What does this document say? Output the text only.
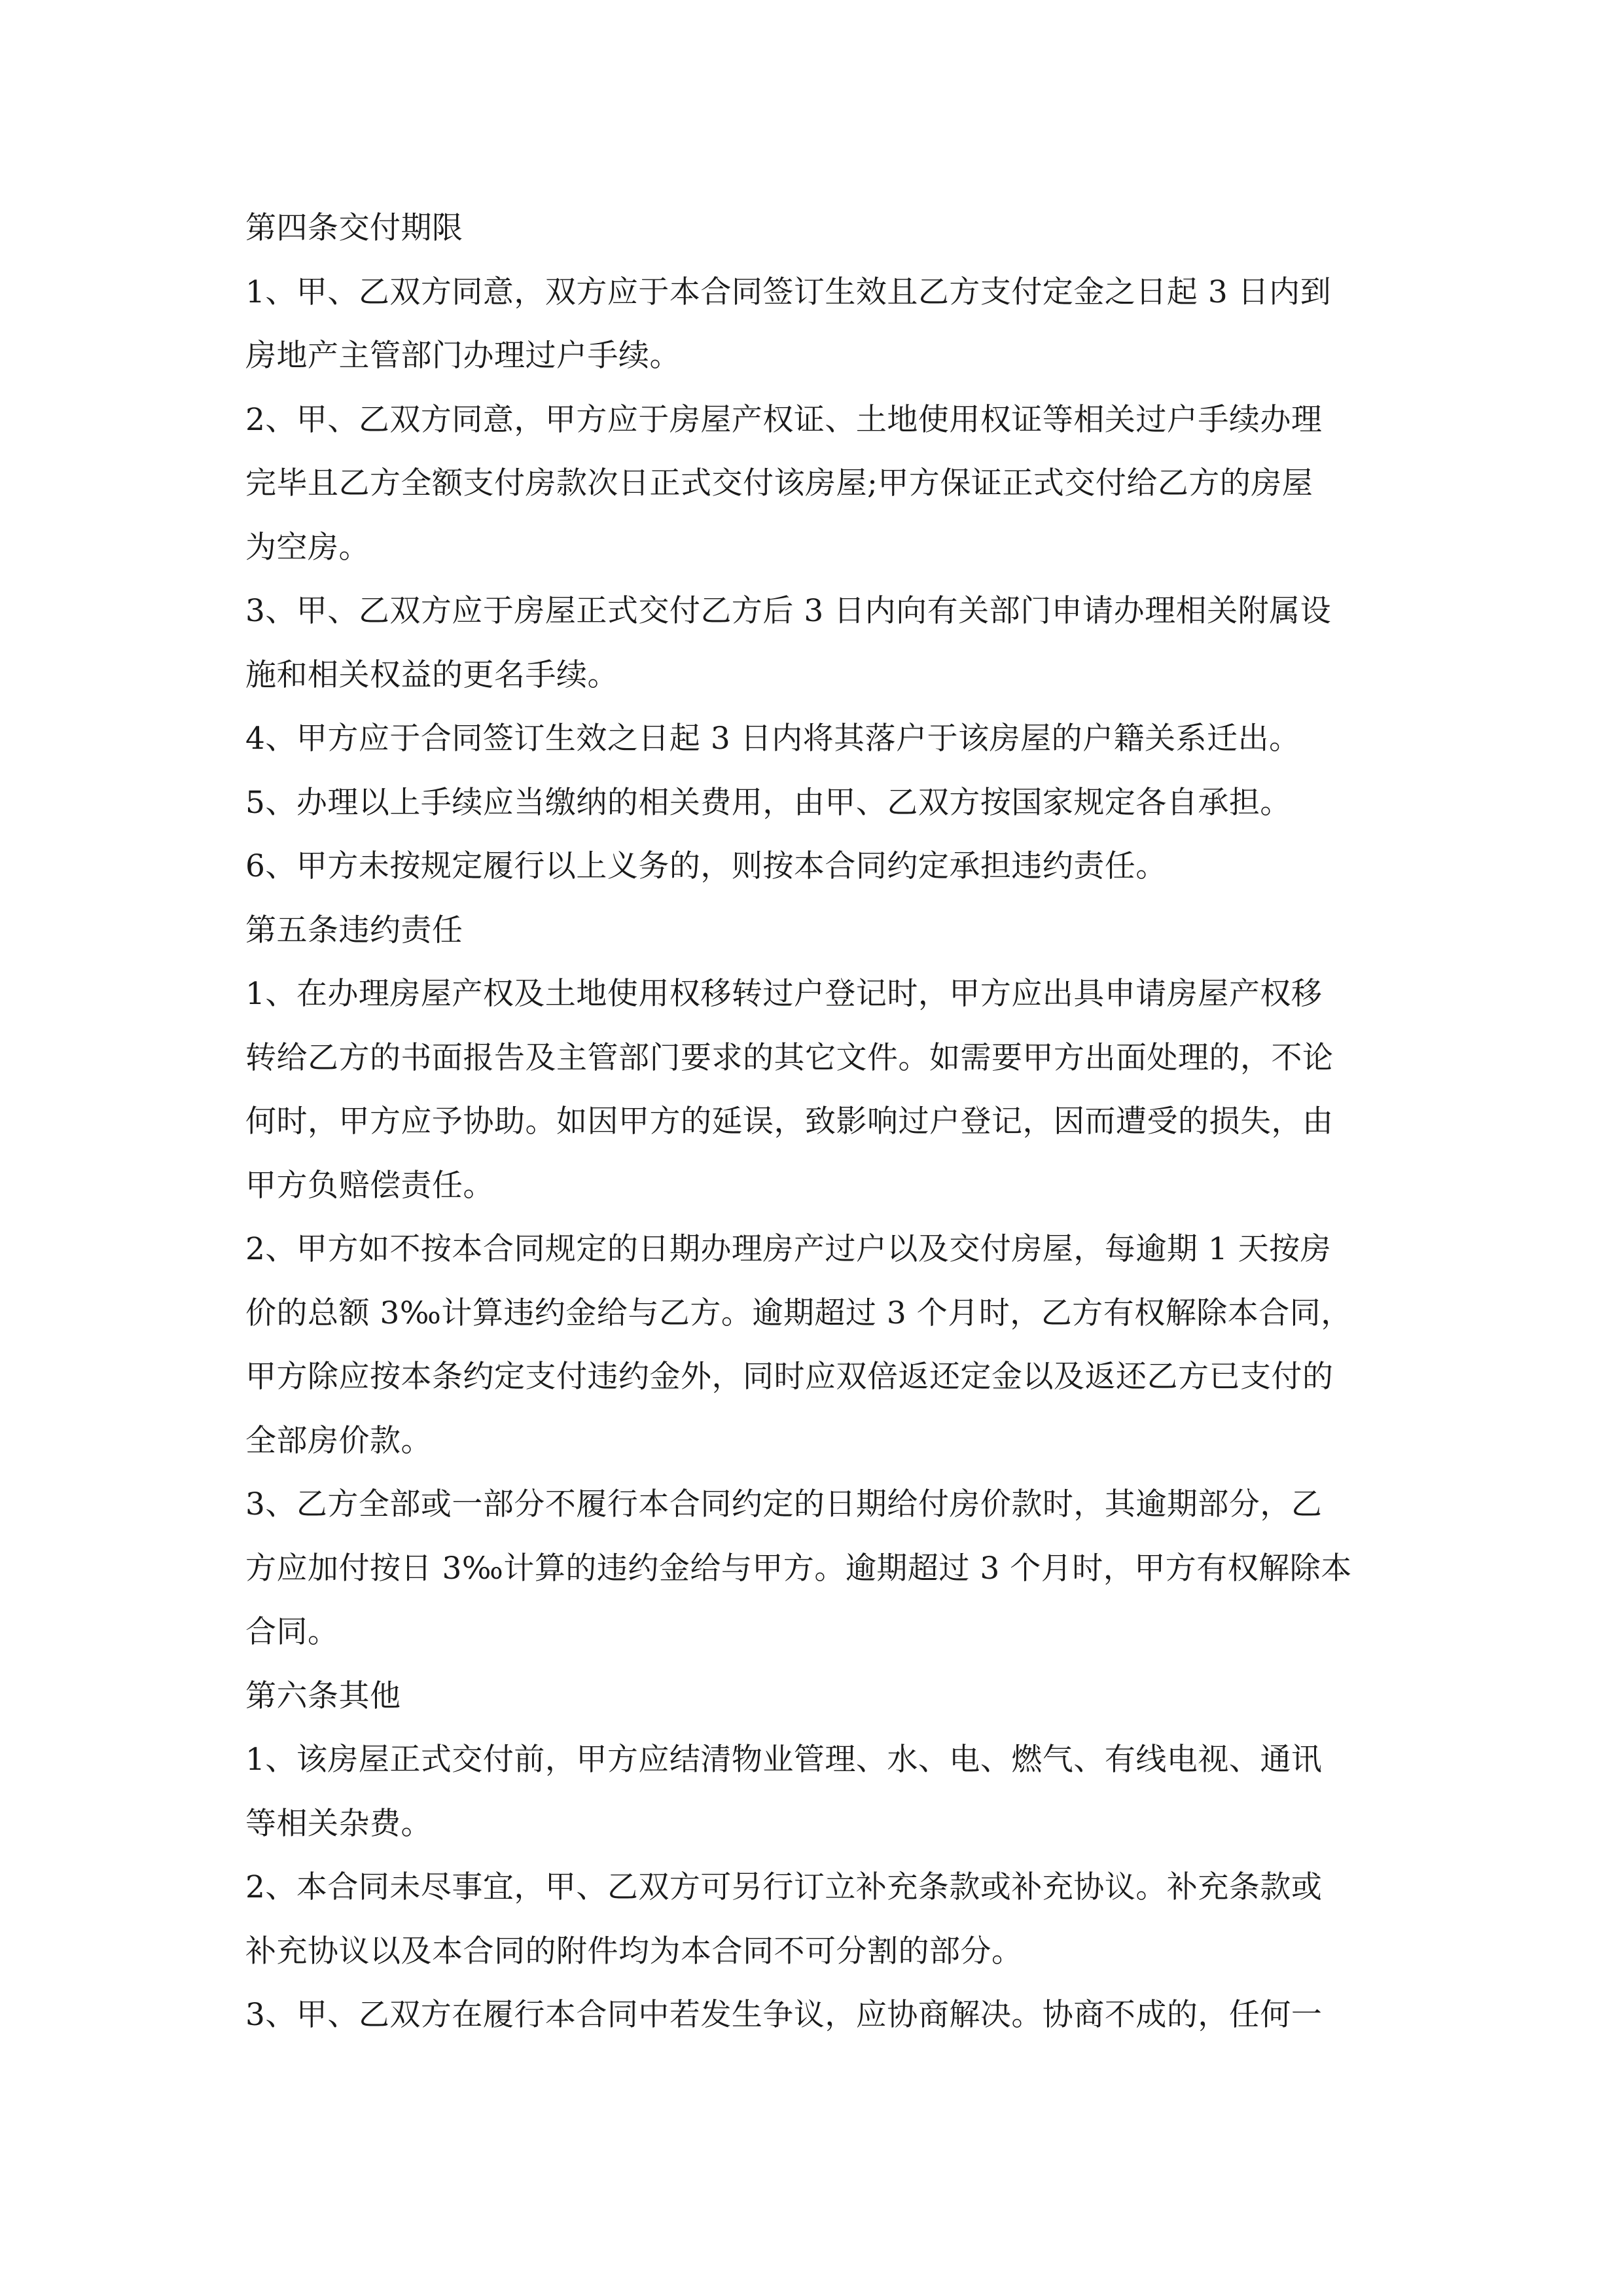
第四条交付期限
1、甲、乙双方同意，双方应于本合同签订生效且乙方支付定金之日起 3 日内到
房地产主管部门办理过户手续。
2、甲、乙双方同意，甲方应于房屋产权证、土地使用权证等相关过户手续办理
完毕且乙方全额支付房款次日正式交付该房屋;甲方保证正式交付给乙方的房屋
为空房。
3、甲、乙双方应于房屋正式交付乙方后 3 日内向有关部门申请办理相关附属设
施和相关权益的更名手续。
4、甲方应于合同签订生效之日起 3 日内将其落户于该房屋的户籍关系迁出。
5、办理以上手续应当缴纳的相关费用，由甲、乙双方按国家规定各自承担。
6、甲方未按规定履行以上义务的，则按本合同约定承担违约责任。
第五条违约责任
1、在办理房屋产权及土地使用权移转过户登记时，甲方应出具申请房屋产权移
转给乙方的书面报告及主管部门要求的其它文件。如需要甲方出面处理的，不论
何时，甲方应予协助。如因甲方的延误，致影响过户登记，因而遭受的损失，由
甲方负赔偿责任。
2、甲方如不按本合同规定的日期办理房产过户以及交付房屋，每逾期 1 天按房
价的总额 3‰计算违约金给与乙方。逾期超过 3 个月时，乙方有权解除本合同，
甲方除应按本条约定支付违约金外，同时应双倍返还定金以及返还乙方已支付的
全部房价款。
3、乙方全部或一部分不履行本合同约定的日期给付房价款时，其逾期部分，乙
方应加付按日 3‰计算的违约金给与甲方。逾期超过 3 个月时，甲方有权解除本
合同。
第六条其他
1、该房屋正式交付前，甲方应结清物业管理、水、电、燃气、有线电视、通讯
等相关杂费。
2、本合同未尽事宜，甲、乙双方可另行订立补充条款或补充协议。补充条款或
补充协议以及本合同的附件均为本合同不可分割的部分。
3、甲、乙双方在履行本合同中若发生争议，应协商解决。协商不成的，任何一
